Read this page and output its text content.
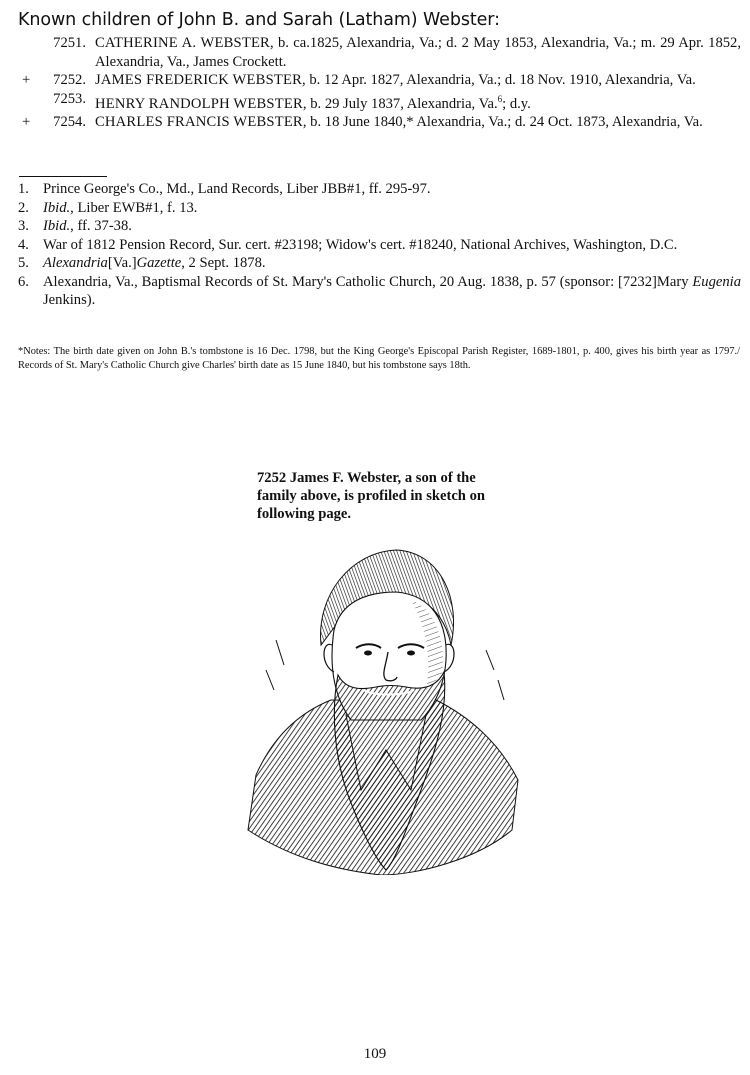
Known children of John B. and Sarah (Latham) Webster:
7251. CATHERINE A. WEBSTER, b. ca.1825, Alexandria, Va.; d. 2 May 1853, Alexandria, Va.; m. 29 Apr. 1852, Alexandria, Va., James Crockett.
+	7252. JAMES FREDERICK WEBSTER, b. 12 Apr. 1827, Alexandria, Va.; d. 18 Nov. 1910, Alexandria, Va.
7253. HENRY RANDOLPH WEBSTER, b. 29 July 1837, Alexandria, Va.$^6$; d.y.
+	7254. CHARLES FRANCIS WEBSTER, b. 18 June 1840,* Alexandria, Va.; d. 24 Oct. 1873, Alexandria, Va.
1. Prince George's Co., Md., Land Records, Liber JBB#1, ff. 295-97.
2. Ibid., Liber EWB#1, f. 13.
3. Ibid., ff. 37-38.
4. War of 1812 Pension Record, Sur. cert. #23198; Widow's cert. #18240, National Archives, Washington, D.C.
5. Alexandria[Va.]Gazette, 2 Sept. 1878.
6. Alexandria, Va., Baptismal Records of St. Mary's Catholic Church, 20 Aug. 1838, p. 57 (sponsor: [7232]Mary Eugenia Jenkins).
*Notes: The birth date given on John B.'s tombstone is 16 Dec. 1798, but the King George's Episcopal Parish Register, 1689-1801, p. 400, gives his birth year as 1797./ Records of St. Mary's Catholic Church give Charles' birth date as 15 June 1840, but his tombstone says 18th.
7252 James F. Webster, a son of the family above, is profiled in sketch on following page.
109
